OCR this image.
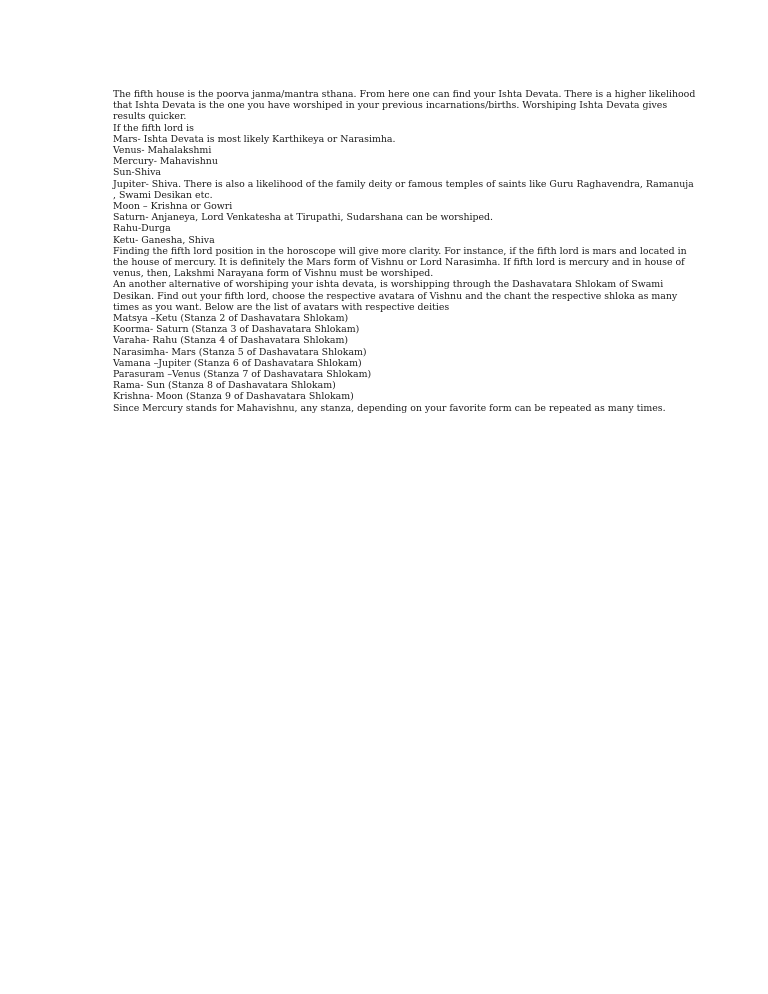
The fifth house is the poorva janma/mantra sthana. From here one can find your Ishta Devata. There is a higher likelihood

that Ishta Devata is the one you have worshiped in your previous incarnations/births. Worshiping Ishta Devata gives

results quicker.

If the fifth lord is

Mars- Ishta Devata is most likely Karthikeya or Narasimha.

Venus- Mahalakshmi

Mercury- Mahavishnu

Sun-Shiva

Jupiter- Shiva. There is also a likelihood of the family deity or famous temples of saints like Guru Raghavendra, Ramanuja

, Swami Desikan etc.

Moon – Krishna or Gowri

Saturn- Anjaneya, Lord Venkatesha at Tirupathi, Sudarshana can be worshiped.

Rahu-Durga

Ketu- Ganesha, Shiva

Finding the fifth lord position in the horoscope will give more clarity. For instance, if the fifth lord is mars and located in

the house of mercury. It is definitely the Mars form of Vishnu or Lord Narasimha. If fifth lord is mercury and in house of

venus, then, Lakshmi Narayana form of Vishnu must be worshiped.

An another alternative of worshiping your ishta devata, is worshipping through the Dashavatara Shlokam of Swami

Desikan. Find out your fifth lord, choose the respective avatara of Vishnu and the chant the respective shloka as many

times as you want. Below are the list of avatars with respective deities

Matsya –Ketu (Stanza 2 of Dashavatara Shlokam)

Koorma- Saturn (Stanza 3 of Dashavatara Shlokam)

Varaha- Rahu (Stanza 4 of Dashavatara Shlokam)

Narasimha- Mars (Stanza 5 of Dashavatara Shlokam)

Vamana –Jupiter (Stanza 6 of Dashavatara Shlokam)

Parasuram –Venus (Stanza 7 of Dashavatara Shlokam)

Rama- Sun (Stanza 8 of Dashavatara Shlokam)

Krishna- Moon (Stanza 9 of Dashavatara Shlokam)

Since Mercury stands for Mahavishnu, any stanza, depending on your favorite form can be repeated as many times.
